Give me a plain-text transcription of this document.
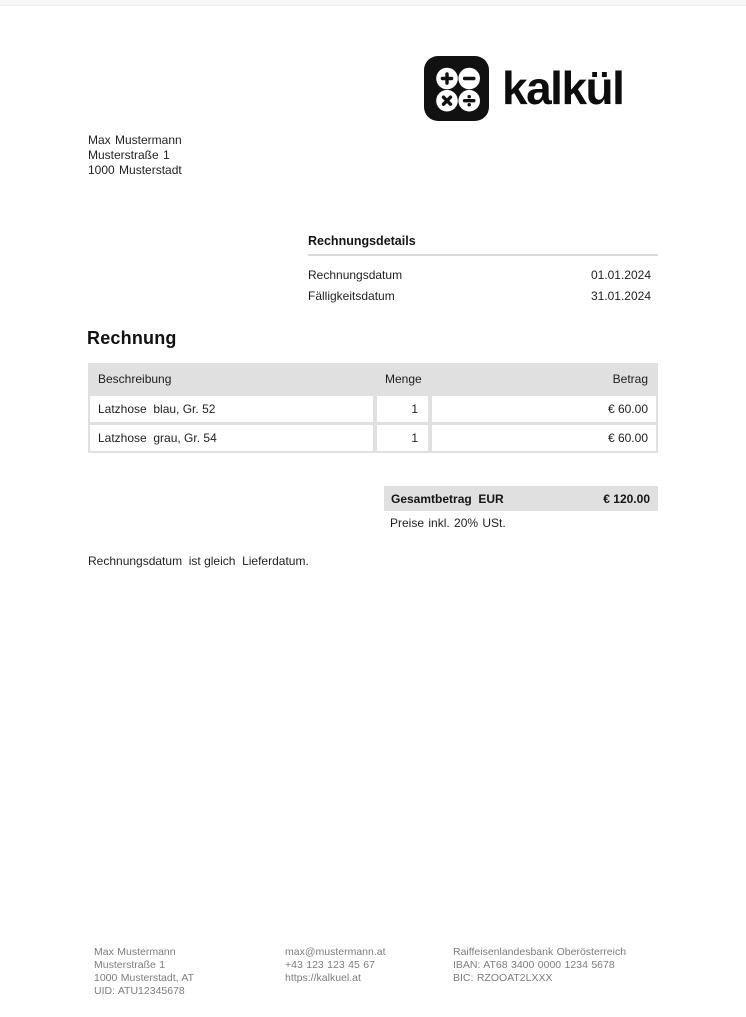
kalkül
Max Mustermann
Musterstraße 1
1000 Musterstadt
Rechnungsdetails
Rechnungsdatum	01.01.2024
Fälligkeitsdatum	31.01.2024
Rechnung
Beschreibung	Menge	Betrag
Latzhose  blau, Gr. 52	1	€ 60.00
Latzhose  grau, Gr. 54	1	€ 60.00
Gesamtbetrag  EUR	€ 120.00
Preise inkl. 20% USt.
Rechnungsdatum  ist gleich  Lieferdatum.
Max Mustermann
Musterstraße 1
1000 Musterstadt, AT
UID: ATU12345678
max@mustermann.at
+43 123 123 45 67
https://kalkuel.at
Raiffeisenlandesbank Oberösterreich
IBAN: AT68 3400 0000 1234 5678
BIC: RZOOAT2LXXX
